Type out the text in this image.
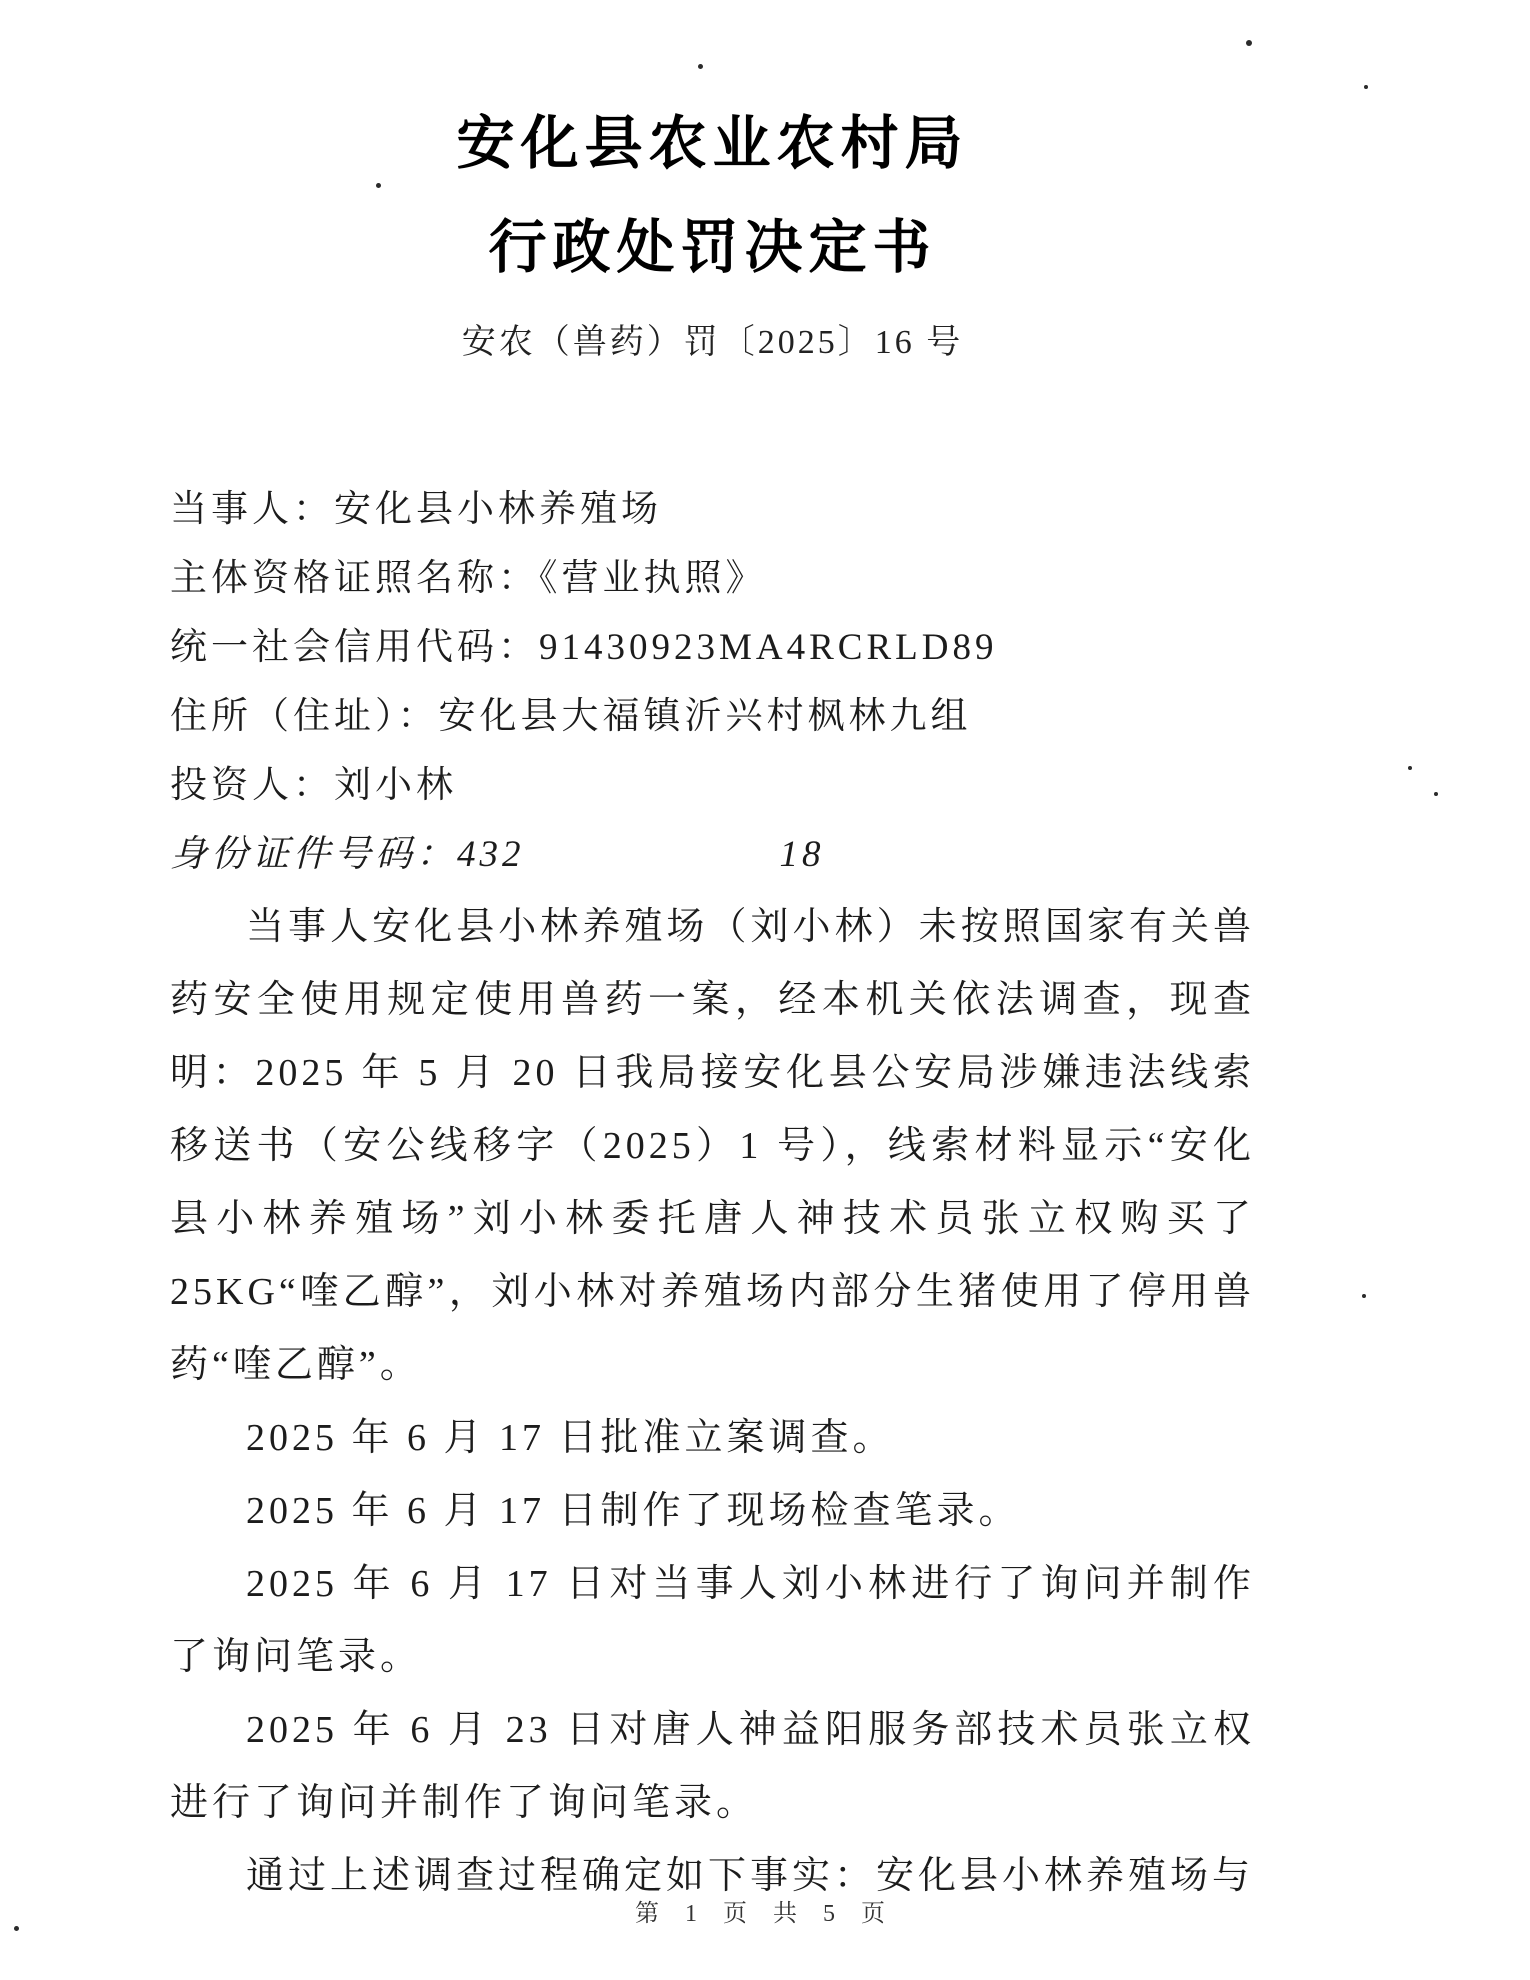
安化县农业农村局
行政处罚决定书
安农（兽药）罚〔2025〕16 号

当事人：安化县小林养殖场

主体资格证照名称：《营业执照》

统一社会信用代码：91430923MA4RCRLD89

住所（住址）：安化县大福镇沂兴村枫林九组

投资人：刘小林

身份证件号码：432	18

当事人安化县小林养殖场（刘小林）未按照国家有关兽药安全使用规定使用兽药一案，经本机关依法调查，现查明：2025 年 5 月 20 日我局接安化县公安局涉嫌违法线索移送书（安公线移字（2025）1 号），线索材料显示“安化县小林养殖场”刘小林委托唐人神技术员张立权购买了 25KG“喹乙醇”，刘小林对养殖场内部分生猪使用了停用兽药“喹乙醇”。

2025 年 6 月 17 日批准立案调查。

2025 年 6 月 17 日制作了现场检查笔录。

2025 年 6 月 17 日对当事人刘小林进行了询问并制作了询问笔录。

2025 年 6 月 23 日对唐人神益阳服务部技术员张立权进行了询问并制作了询问笔录。

通过上述调查过程确定如下事实：安化县小林养殖场与

第 1 页 共 5 页
